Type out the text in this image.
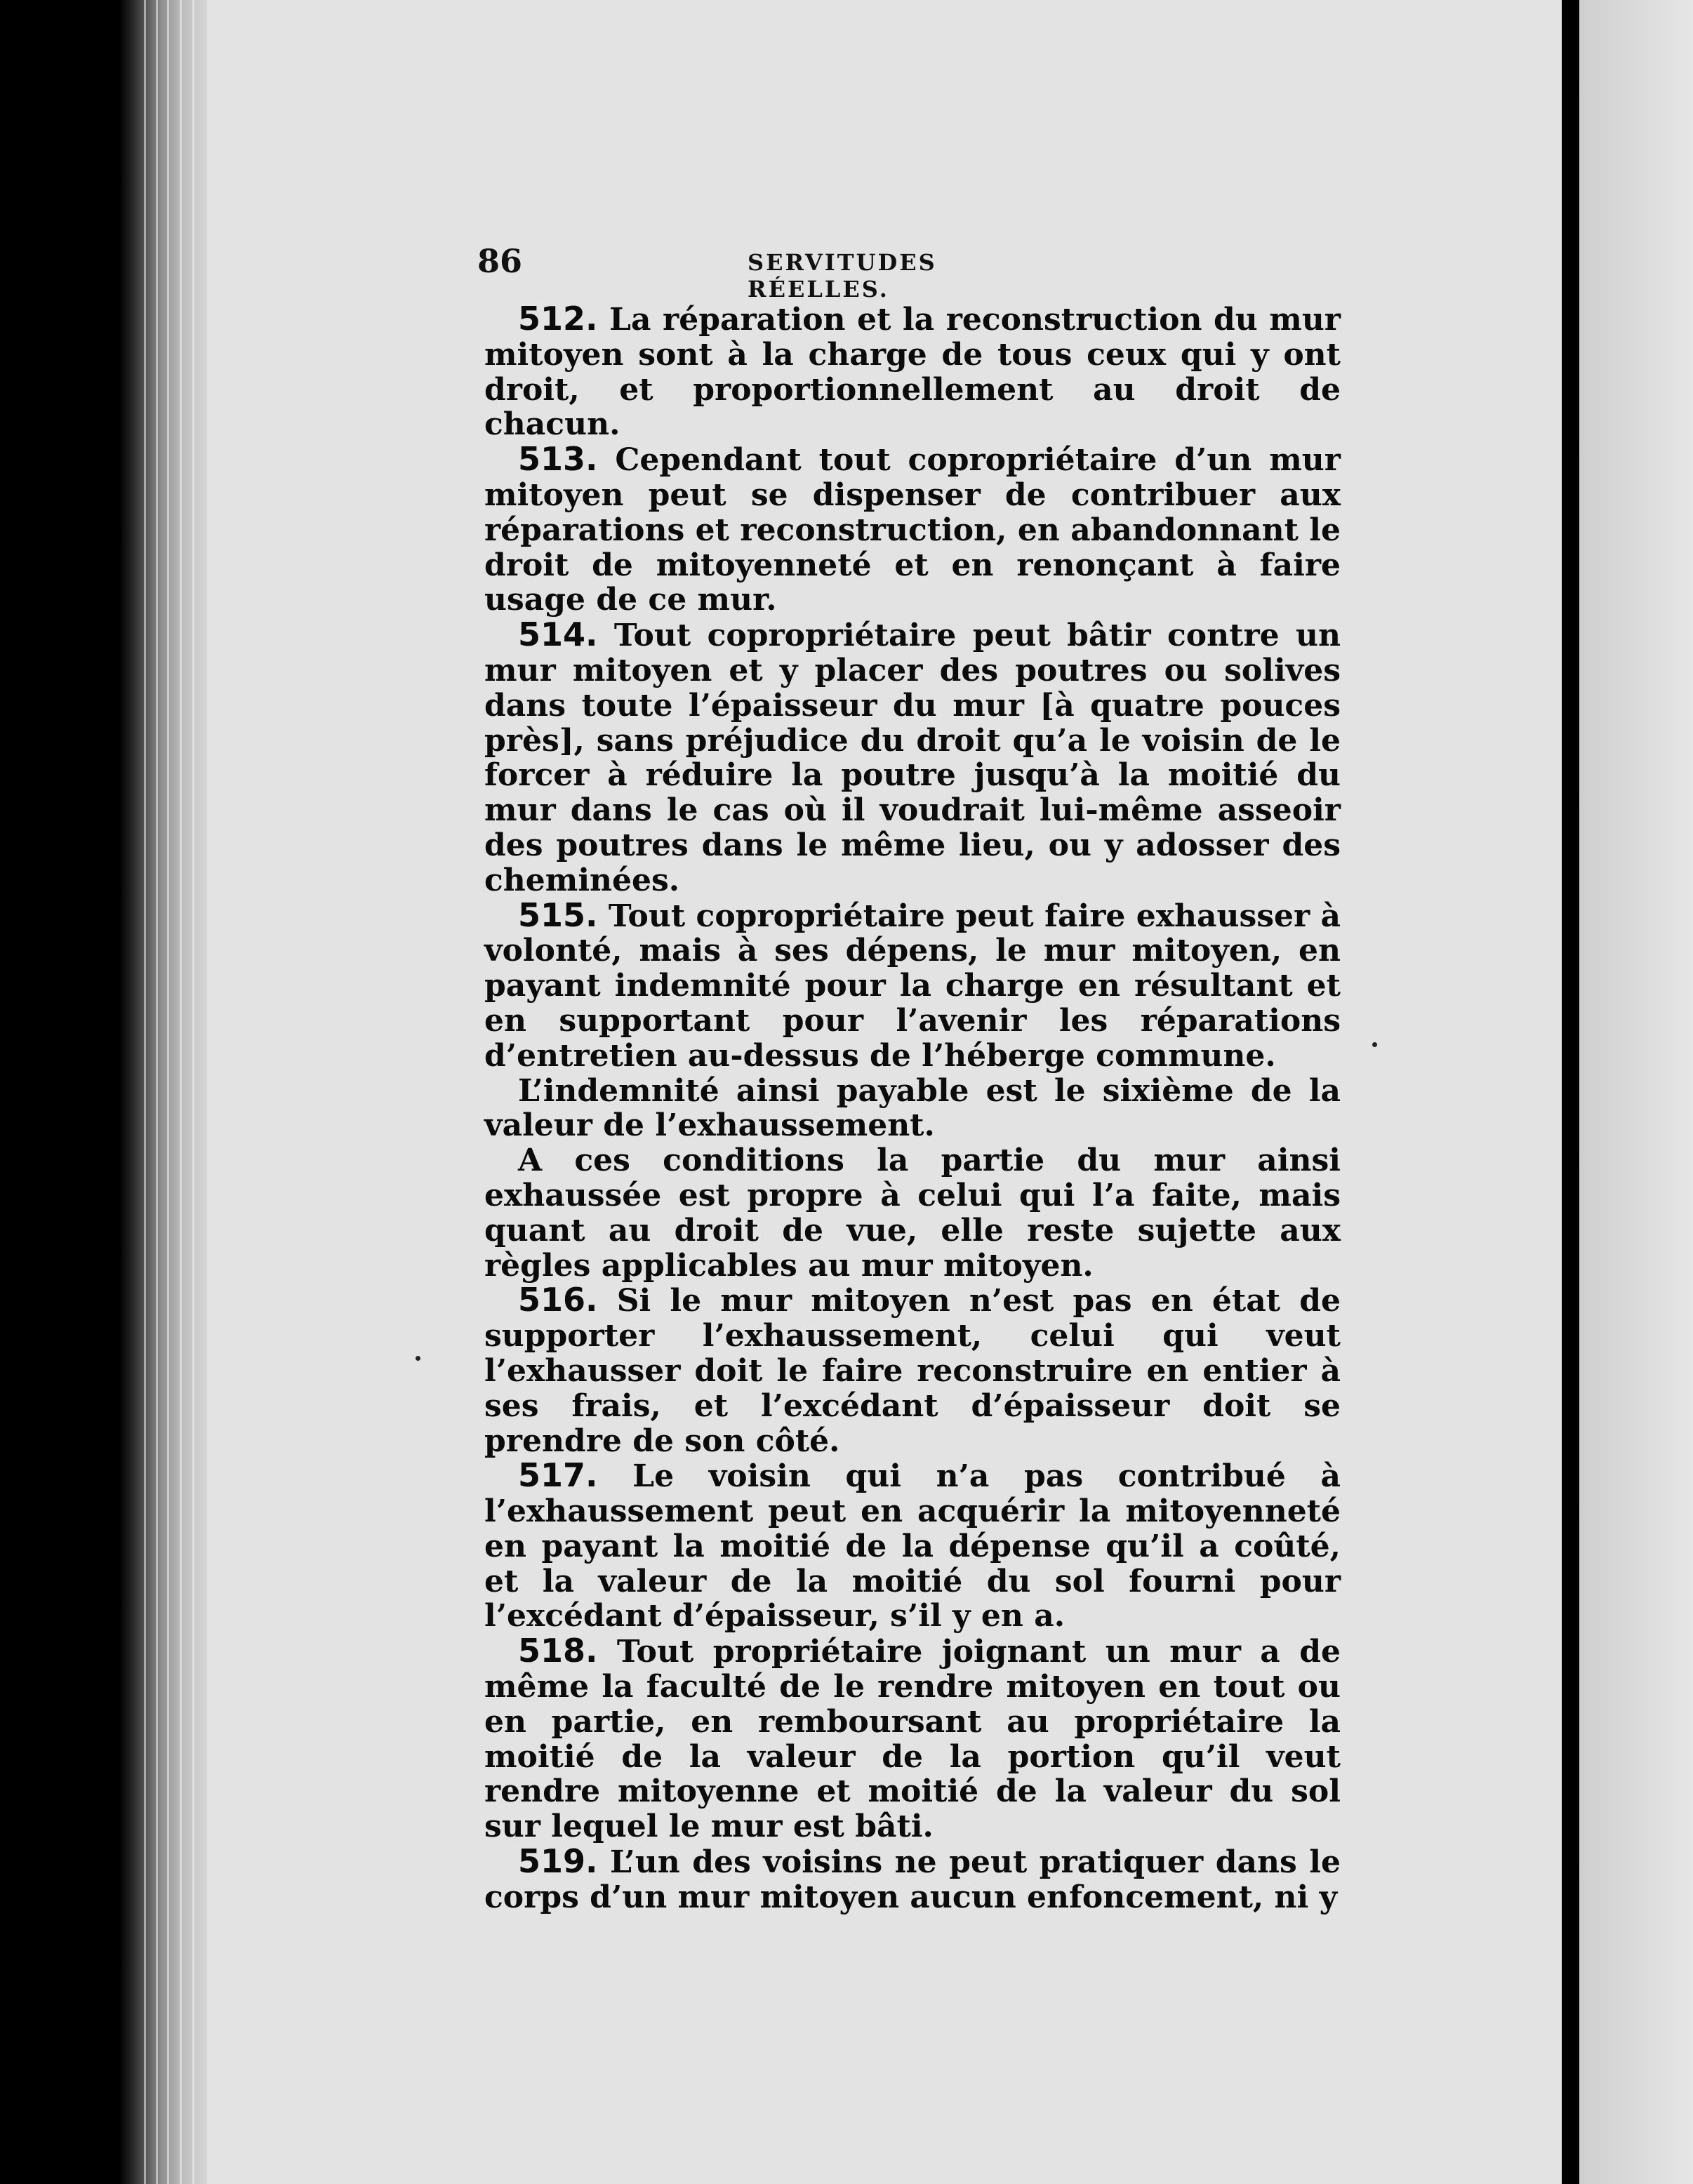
86	SERVITUDES RÉELLES.

512. La réparation et la reconstruction du mur mitoyen sont à la charge de tous ceux qui y ont droit, et proportionnellement au droit de chacun.

513. Cependant tout copropriétaire d’un mur mitoyen peut se dispenser de contribuer aux réparations et reconstruction, en abandonnant le droit de mitoyenneté et en renonçant à faire usage de ce mur.

514. Tout copropriétaire peut bâtir contre un mur mitoyen et y placer des poutres ou solives dans toute l’épaisseur du mur [à quatre pouces près], sans préjudice du droit qu’a le voisin de le forcer à réduire la poutre jusqu’à la moitié du mur dans le cas où il voudrait lui-même asseoir des poutres dans le même lieu, ou y adosser des cheminées.

515. Tout copropriétaire peut faire exhausser à volonté, mais à ses dépens, le mur mitoyen, en payant indemnité pour la charge en résultant et en supportant pour l’avenir les réparations d’entretien au-dessus de l’héberge commune.

L’indemnité ainsi payable est le sixième de la valeur de l’exhaussement.

A ces conditions la partie du mur ainsi exhaussée est propre à celui qui l’a faite, mais quant au droit de vue, elle reste sujette aux règles applicables au mur mitoyen.

516. Si le mur mitoyen n’est pas en état de supporter l’exhaussement, celui qui veut l’exhausser doit le faire reconstruire en entier à ses frais, et l’excédant d’épaisseur doit se prendre de son côté.

517. Le voisin qui n’a pas contribué à l’exhaussement peut en acquérir la mitoyenneté en payant la moitié de la dépense qu’il a coûté, et la valeur de la moitié du sol fourni pour l’excédant d’épaisseur, s’il y en a.

518. Tout propriétaire joignant un mur a de même la faculté de le rendre mitoyen en tout ou en partie, en remboursant au propriétaire la moitié de la valeur de la portion qu’il veut rendre mitoyenne et moitié de la valeur du sol sur lequel le mur est bâti.

519. L’un des voisins ne peut pratiquer dans le corps d’un mur mitoyen aucun enfoncement, ni y
